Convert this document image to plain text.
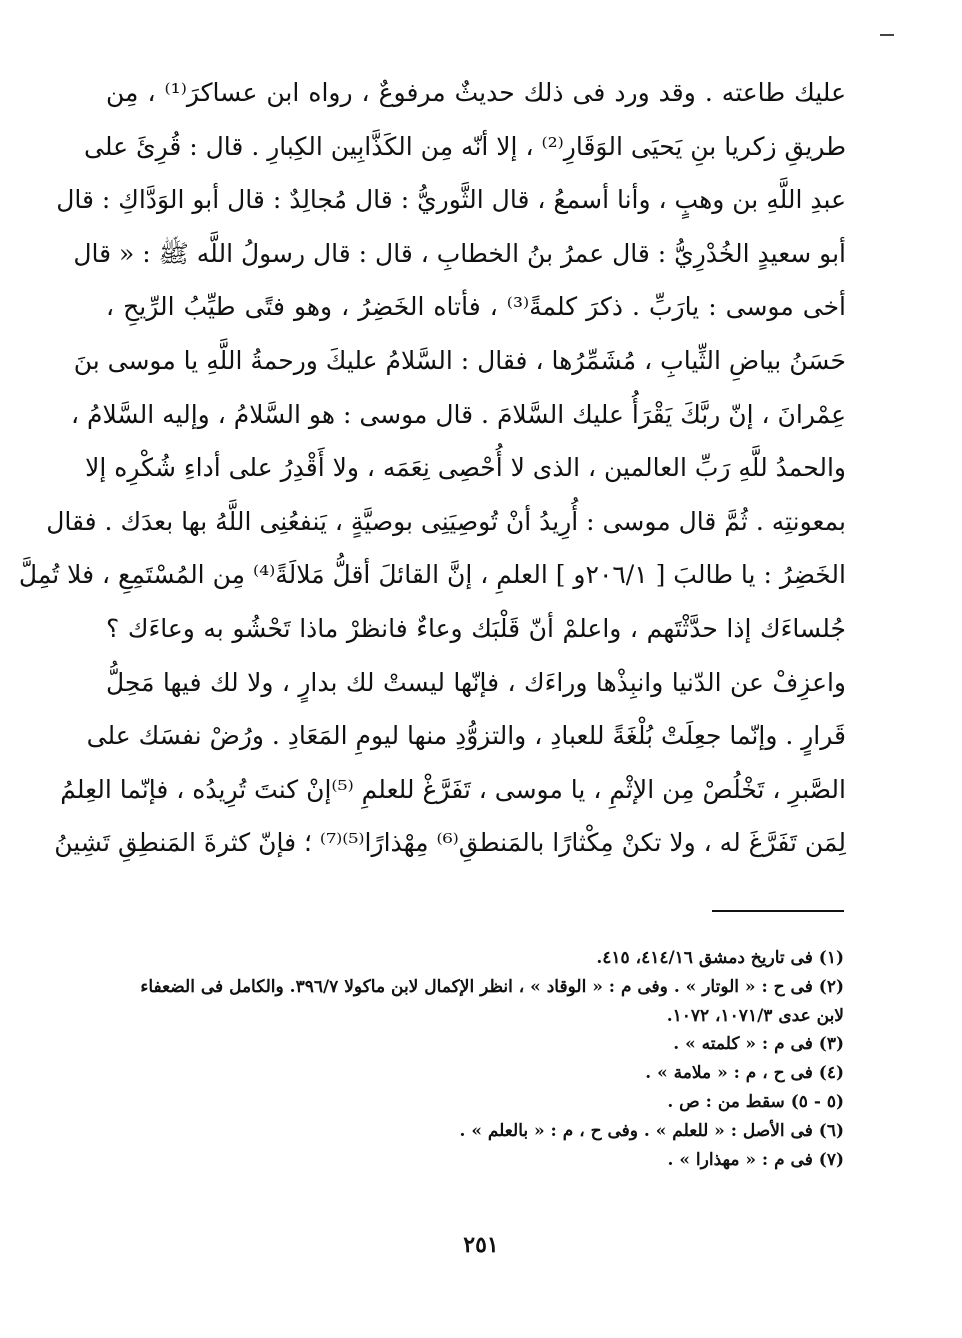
عليك طاعته . وقد ورد فى ذلك حديثٌ مرفوعٌ ، رواه ابن عساكرَ⁽¹⁾ ، مِن
طريقِ زكريا بنِ يَحيَى الوَقَارِ⁽²⁾ ، إلا أنّه مِن الكَذَّابِين الكِبارِ . قال : قُرِئَ على
عبدِ اللَّهِ بن وهبٍ ، وأنا أسمعُ ، قال الثَّوريُّ : قال مُجالِدٌ : قال أبو الوَدَّاكِ : قال
أبو سعيدٍ الخُدْرِيُّ : قال عمرُ بنُ الخطابِ ، قال : قال رسولُ اللَّه ﷺ : « قال
أخى موسى : يارَبِّ . ذكرَ كلمةً⁽³⁾ ، فأتاه الخَضِرُ ، وهو فتًى طيِّبُ الرِّيحِ ،
حَسَنُ بياضِ الثِّيابِ ، مُشَمِّرُها ، فقال : السَّلامُ عليكَ ورحمةُ اللَّهِ يا موسى بنَ
عِمْرانَ ، إنّ ربَّكَ يَقْرَأُ عليك السَّلامَ . قال موسى : هو السَّلامُ ، وإليه السَّلامُ ،
والحمدُ للَّهِ رَبِّ العالمين ، الذى لا أُحْصِى نِعَمَه ، ولا أَقْدِرُ على أداءِ شُكْرِه إلا
بمعونتِه . ثُمَّ قال موسى : أُرِيدُ أنْ تُوصِيَنِى بوصيَّةٍ ، يَنفعُنِى اللَّهُ بها بعدَك . فقال
الخَضِرُ : يا طالبَ [ ٢٠٦/١و ] العلمِ ، إنَّ القائلَ أقلُّ مَلالَةً⁽⁴⁾ مِن المُسْتَمِعِ ، فلا تُمِلَّ
جُلساءَك إذا حدَّثْتَهم ، واعلمْ أنّ قَلْبَك وعاءٌ فانظرْ ماذا تَحْشُو به وعاءَك ؟
واعزِفْ عن الدّنيا وانبِذْها وراءَك ، فإنّها ليستْ لك بدارٍ ، ولا لك فيها مَحِلُّ
قَرارٍ . وإنّما جعِلَتْ بُلْغَةً للعبادِ ، والتزوُّدِ منها ليومِ المَعَادِ . ورُضْ نفسَك على
الصَّبرِ ، تَخْلُصْ مِن الإثْمِ ، يا موسى ، تَفَرَّغْ للعلمِ ⁽⁵⁾إنْ كنتَ تُرِيدُه ، فإنّما العِلمُ
لِمَن تَفَرَّغَ له ، ولا تكنْ مِكْثارًا بالمَنطقِ⁽⁶⁾ مِهْذارًا⁽⁵⁾⁽⁷⁾ ؛ فإنّ كثرةَ المَنطِقِ تَشِينُ
(١) فى تاريخ دمشق ٤١٤/١٦، ٤١٥.
(٢) فى ح : « الوتار » . وفى م : « الوقاد » ، انظر الإكمال لابن ماكولا ٣٩٦/٧. والكامل فى الضعفاء
لابن عدى ١٠٧١/٣، ١٠٧٢.
(٣) فى م : « كلمته » .
(٤) فى ح ، م : « ملامة » .
(٥ - ٥) سقط من : ص .
(٦) فى الأصل : « للعلم » . وفى ح ، م : « بالعلم » .
(٧) فى م : « مهذارا » .
٢٥١
